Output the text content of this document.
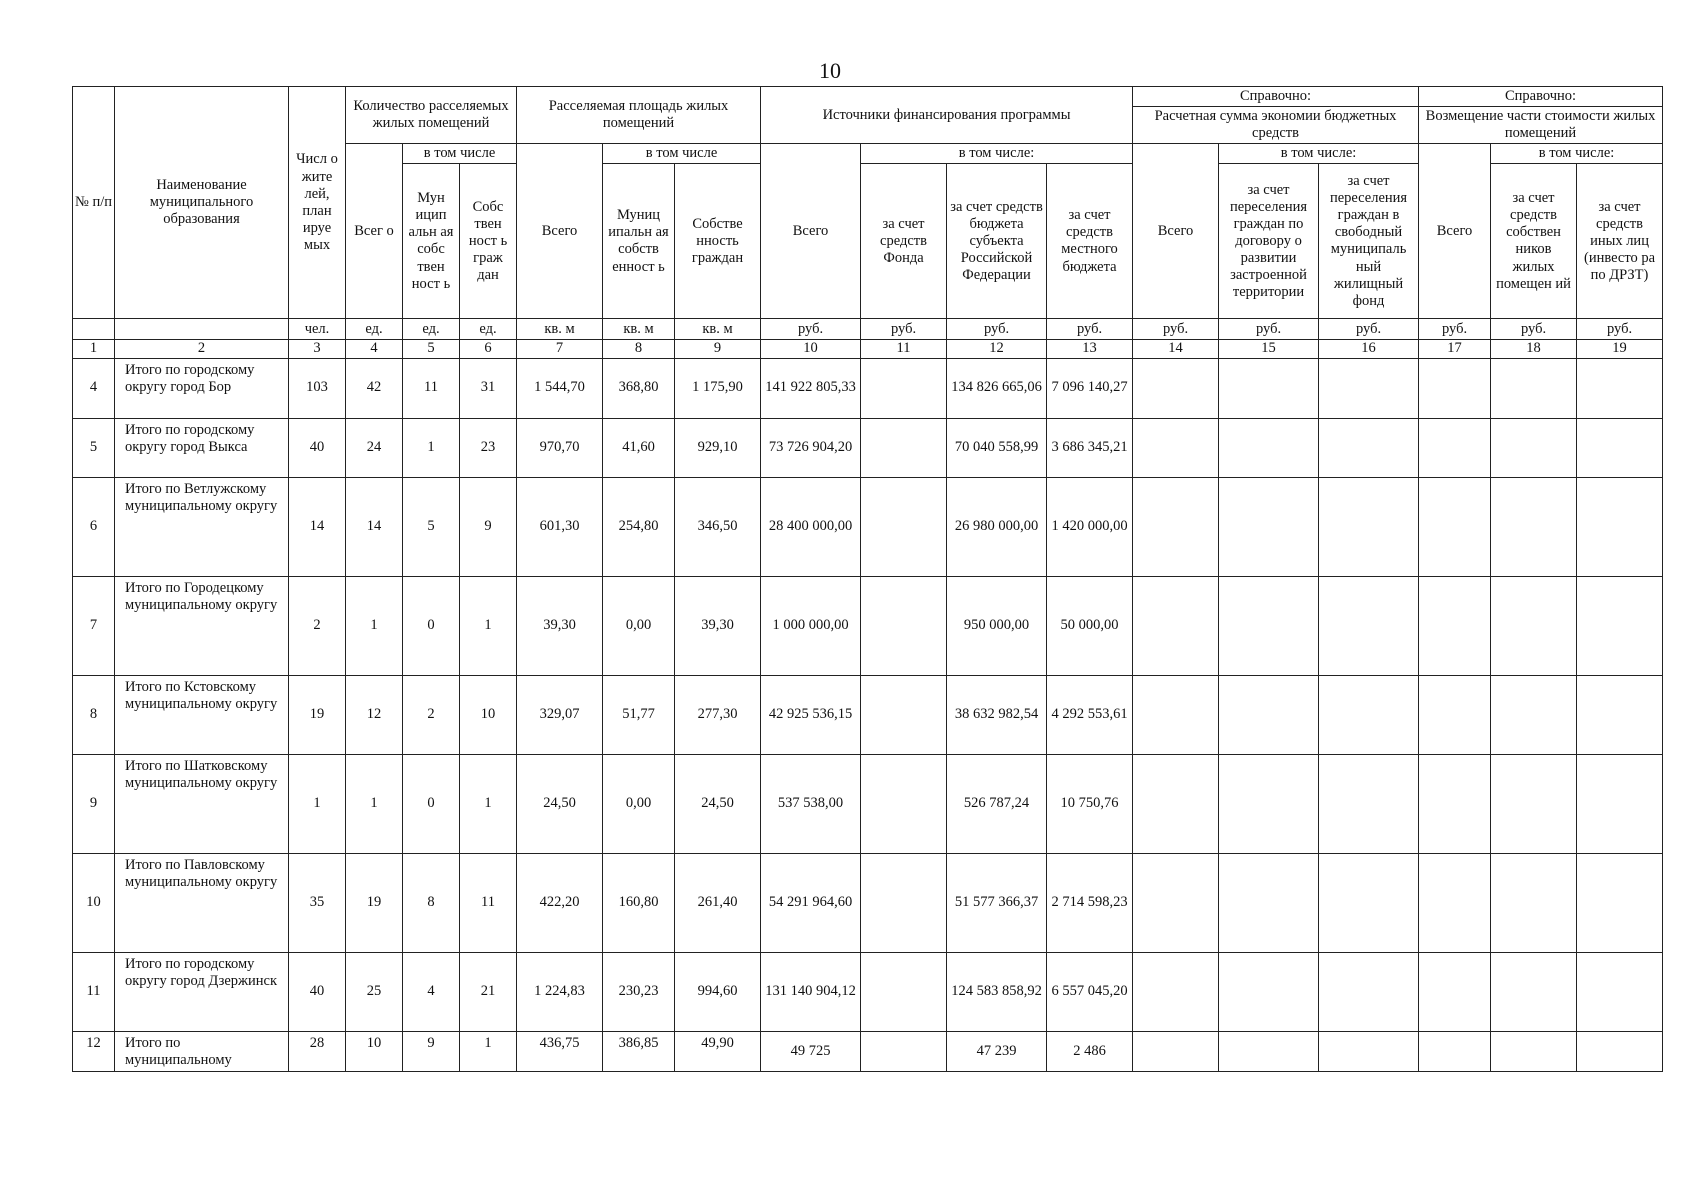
10
№ п/п	Наименование муниципального образования	Числ о жите лей, план ируе мых	Количество расселяемых жилых помещений			Расселяемая площадь жилых помещений			Источники финансирования программы				Справочно:			Справочно:		
													Расчетная сумма экономии бюджетных средств			Возмещение части стоимости жилых помещений		
			Всег о	в том числе		Всего	в том числе		Всего	в том числе:			Всего	в том числе:		Всего	в том числе:	
				Мун ицип альн ая собс твен ност ь	Собс твен ност ь граж дан		Муниц ипальн ая собств енност ь	Собстве нность граждан		за счет средств Фонда	за счет средств бюджета субъекта Российской Федерации	за счет средств местного бюджета		за счет переселения граждан по договору о развитии застроенной территории	за счет переселения граждан в свободный муниципаль ный жилищный фонд		за счет средств собствен ников жилых помещен ий	за счет средств иных лиц (инвесто ра по ДРЗТ)
		чел.	ед.	ед.	ед.	кв. м	кв. м	кв. м	руб.	руб.	руб.	руб.	руб.	руб.	руб.	руб.	руб.	руб.
1	2	3	4	5	6	7	8	9	10	11	12	13	14	15	16	17	18	19
4	Итого по городскому округу город Бор	103	42	11	31	1 544,70	368,80	1 175,90	141 922 805,33		134 826 665,06	7 096 140,27						
5	Итого по городскому округу город Выкса	40	24	1	23	970,70	41,60	929,10	73 726 904,20		70 040 558,99	3 686 345,21						
6	Итого по Ветлужскому муниципальному округу	14	14	5	9	601,30	254,80	346,50	28 400 000,00		26 980 000,00	1 420 000,00						
7	Итого по Городецкому муниципальному округу	2	1	0	1	39,30	0,00	39,30	1 000 000,00		950 000,00	50 000,00						
8	Итого по Кстовскому муниципальному округу	19	12	2	10	329,07	51,77	277,30	42 925 536,15		38 632 982,54	4 292 553,61						
9	Итого по Шатковскому муниципальному округу	1	1	0	1	24,50	0,00	24,50	537 538,00		526 787,24	10 750,76						
10	Итого по Павловскому муниципальному округу	35	19	8	11	422,20	160,80	261,40	54 291 964,60		51 577 366,37	2 714 598,23						
11	Итого по городскому округу город Дзержинск	40	25	4	21	1 224,83	230,23	994,60	131 140 904,12		124 583 858,92	6 557 045,20						
12	Итого по муниципальному	28	10	9	1	436,75	386,85	49,90	49 725		47 239	2 486						
